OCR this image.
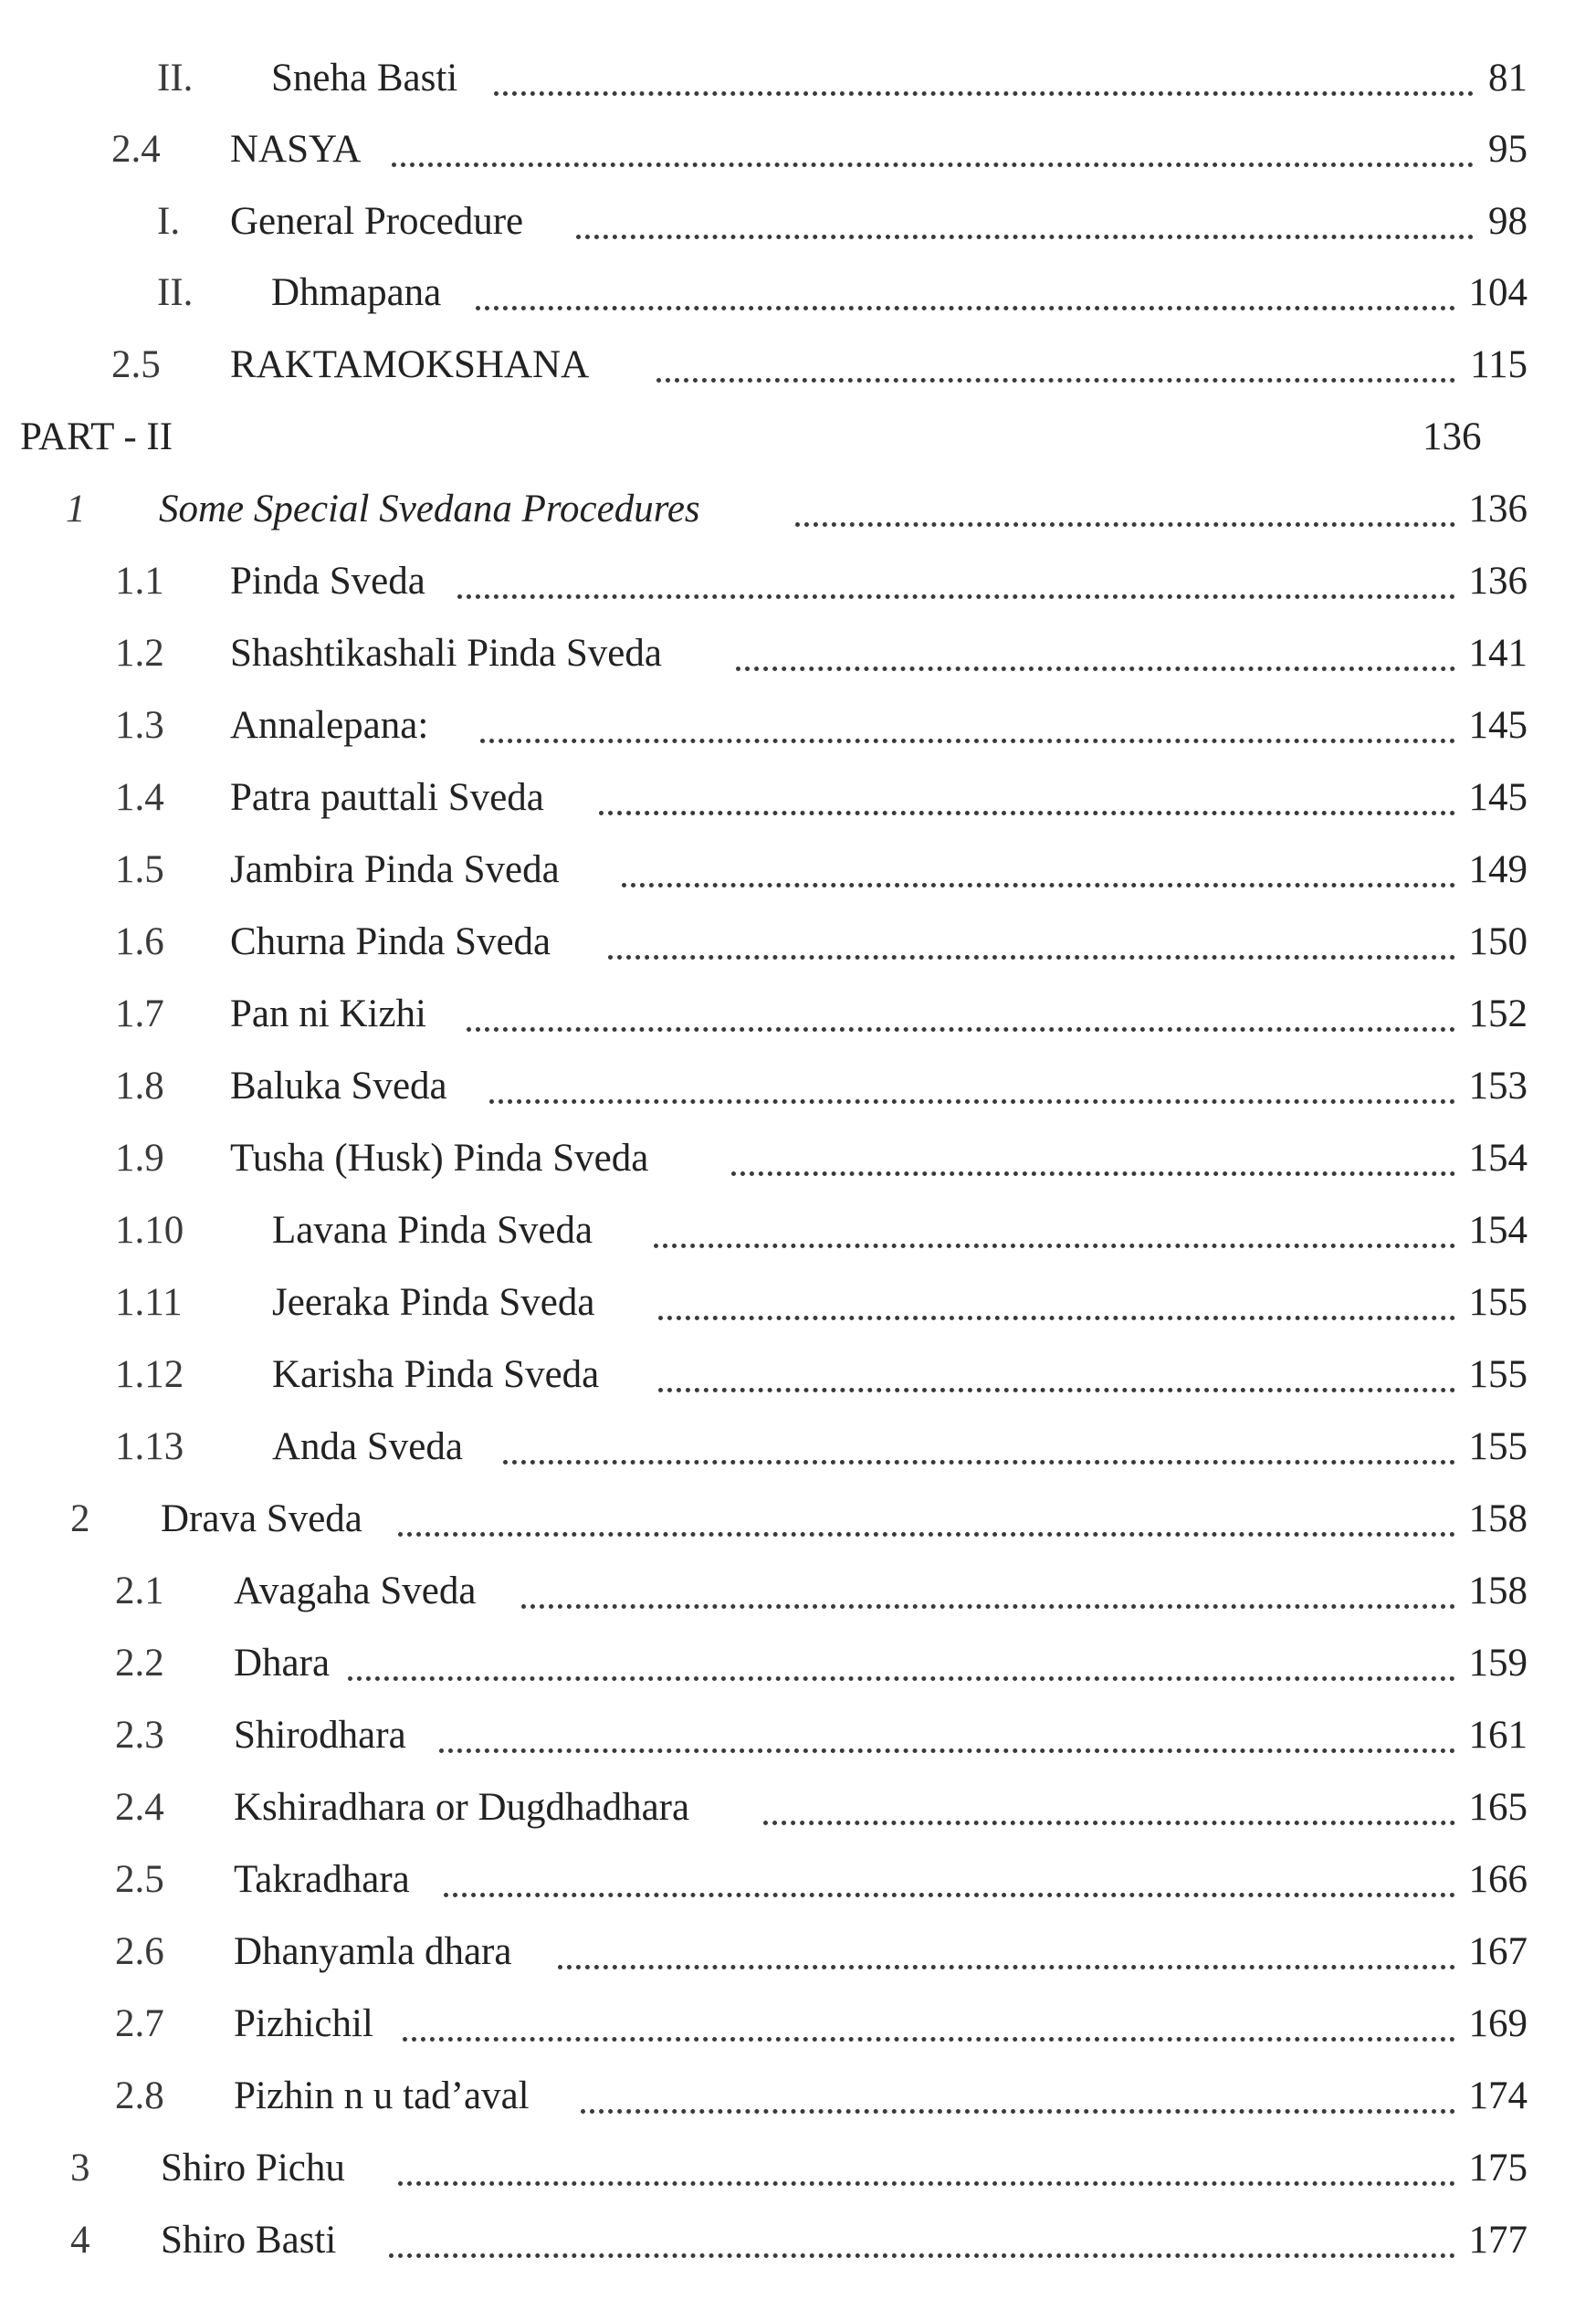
II. Sneha Basti	81
2.4 NASYA	95
I. General Procedure	98
II. Dhmapana	104
2.5 RAKTAMOKSHANA	115
PART - II	136
1 Some Special Svedana Procedures	136
1.1 Pinda Sveda	136
1.2 Shashtikashali Pinda Sveda	141
1.3 Annalepana:	145
1.4 Patra pauttali Sveda	145
1.5 Jambira Pinda Sveda	149
1.6 Churna Pinda Sveda	150
1.7 Pan ni Kizhi	152
1.8 Baluka Sveda	153
1.9 Tusha (Husk) Pinda Sveda	154
1.10 Lavana Pinda Sveda	154
1.11 Jeeraka Pinda Sveda	155
1.12 Karisha Pinda Sveda	155
1.13 Anda Sveda	155
2 Drava Sveda	158
2.1 Avagaha Sveda	158
2.2 Dhara	159
2.3 Shirodhara	161
2.4 Kshiradhara or Dugdhadhara	165
2.5 Takradhara	166
2.6 Dhanyamla dhara	167
2.7 Pizhichil	169
2.8 Pizhin n u tad’aval	174
3 Shiro Pichu	175
4 Shiro Basti	177
